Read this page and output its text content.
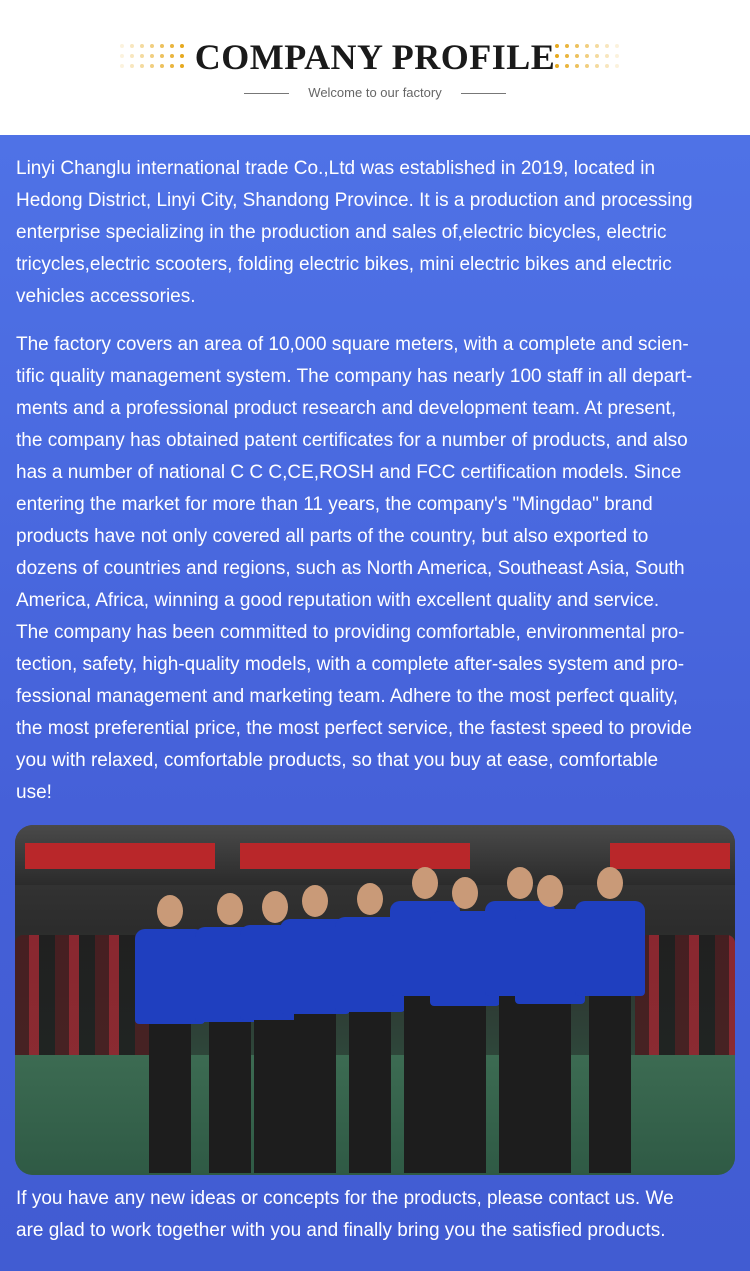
COMPANY PROFILE
Welcome to our factory
Linyi Changlu international trade Co.,Ltd was established in 2019, located in
Hedong District, Linyi City, Shandong Province. It is a production and processing
enterprise specializing in the production and sales of,electric bicycles, electric
tricycles,electric scooters, folding electric bikes, mini electric bikes and electric
vehicles accessories.
The factory covers an area of 10,000 square meters, with a complete and scien-
tific quality management system. The company has nearly 100 staff in all depart-
ments and a professional product research and development team. At present,
the company has obtained patent certificates for a number of products, and also
has a number of national C C C,CE,ROSH and FCC certification models. Since
entering the market for more than 11 years, the company's "Mingdao" brand
products have not only covered all parts of the country, but also exported to
dozens of countries and regions, such as North America, Southeast Asia, South
America, Africa, winning a good reputation with excellent quality and service.
The company has been committed to providing comfortable, environmental pro-
tection, safety, high-quality models, with a complete after-sales system and pro-
fessional management and marketing team. Adhere to the most perfect quality,
the most preferential price, the most perfect service, the fastest speed to provide
you with relaxed, comfortable products, so that you buy at ease, comfortable
use!
If you have any new ideas or concepts for the products, please contact us. We
are glad to work together with you and finally bring you the satisfied products.
